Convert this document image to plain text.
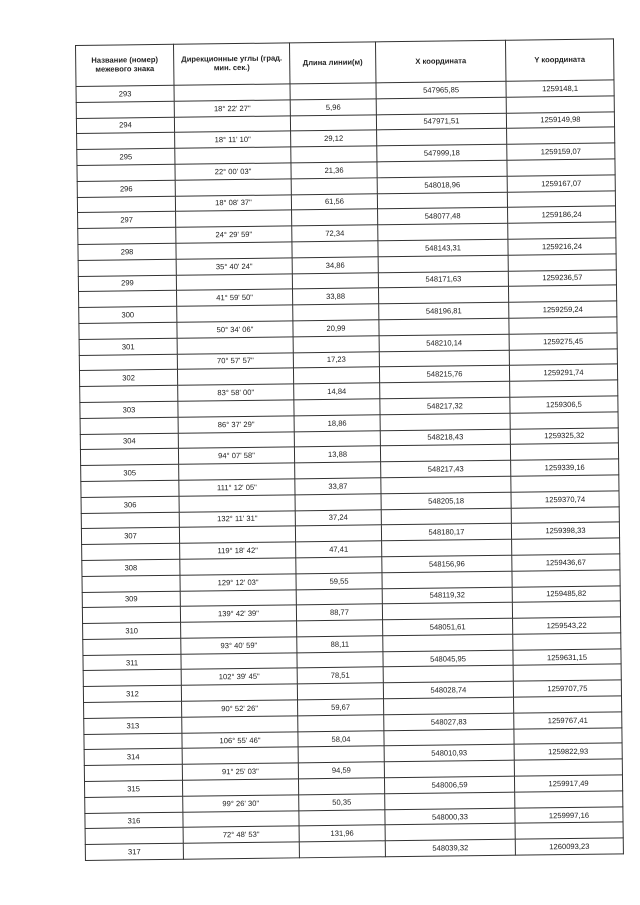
Название (номер) межевого знака	Дирекционные углы (град. мин. сек.)	Длина линии(м)	X координата	Y координата
293			547965,85	1259148,1
	18° 22' 27"	5,96		
294			547971,51	1259149,98
	18° 11' 10"	29,12		
295			547999,18	1259159,07
	22° 00' 03"	21,36		
296			548018,96	1259167,07
	18° 08' 37"	61,56		
297			548077,48	1259186,24
	24° 29' 59"	72,34		
298			548143,31	1259216,24
	35° 40' 24"	34,86		
299			548171,63	1259236,57
	41° 59' 50"	33,88		
300			548196,81	1259259,24
	50° 34' 06"	20,99		
301			548210,14	1259275,45
	70° 57' 57"	17,23		
302			548215,76	1259291,74
	83° 58' 00"	14,84		
303			548217,32	1259306,5
	86° 37' 29"	18,86		
304			548218,43	1259325,32
	94° 07' 58"	13,88		
305			548217,43	1259339,16
	111° 12' 05"	33,87		
306			548205,18	1259370,74
	132° 11' 31"	37,24		
307			548180,17	1259398,33
	119° 18' 42"	47,41		
308			548156,96	1259436,67
	129° 12' 03"	59,55		
309			548119,32	1259485,82
	139° 42' 39"	88,77		
310			548051,61	1259543,22
	93° 40' 59"	88,11		
311			548045,95	1259631,15
	102° 39' 45"	78,51		
312			548028,74	1259707,75
	90° 52' 26"	59,67		
313			548027,83	1259767,41
	106° 55' 46"	58,04		
314			548010,93	1259822,93
	91° 25' 03"	94,59		
315			548006,59	1259917,49
	99° 26' 30"	50,35		
316			548000,33	1259997,16
	72° 48' 53"	131,96		
317			548039,32	1260093,23
